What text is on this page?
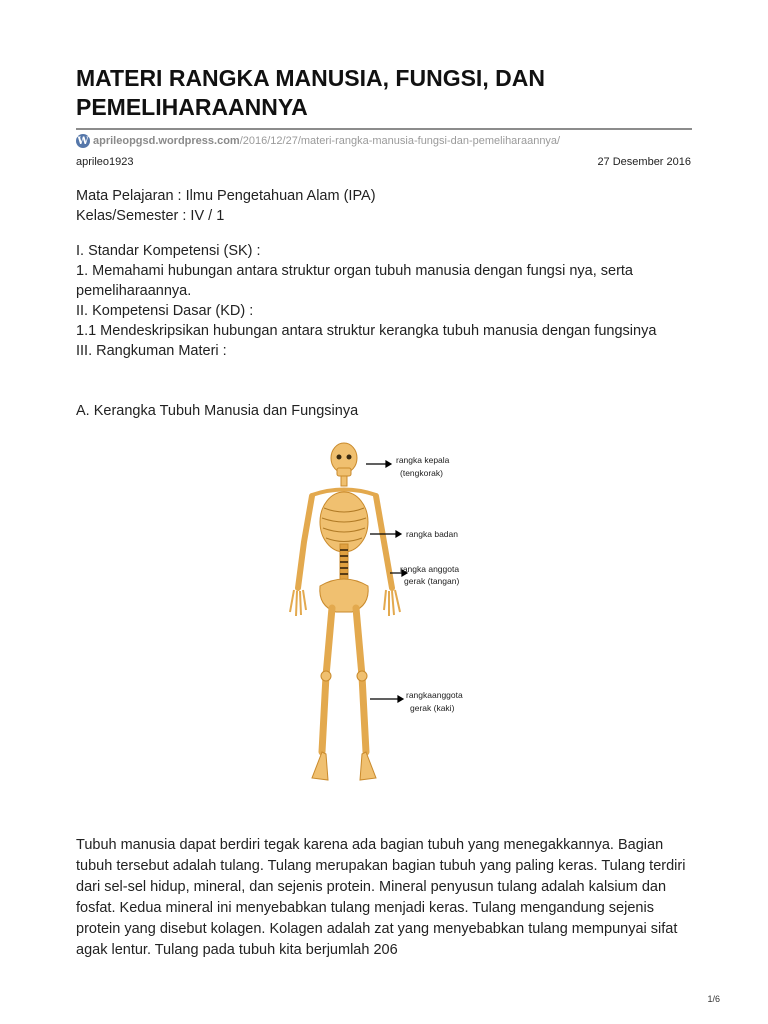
MATERI RANGKA MANUSIA, FUNGSI, DAN PEMELIHARAANNYA
W aprileopgsd.wordpress.com /2016/12/27/materi-rangka-manusia-fungsi-dan-pemeliharaannya/
aprileo1923	27 Desember 2016

Mata Pelajaran : Ilmu Pengetahuan Alam (IPA)

Kelas/Semester : IV / 1

I. Standar Kompetensi (SK) :

1. Memahami hubungan antara struktur organ tubuh manusia dengan fungsi nya, serta pemeliharaannya.

II. Kompetensi Dasar (KD) :

1.1 Mendeskripsikan hubungan antara struktur kerangka tubuh manusia dengan fungsinya

III. Rangkuman Materi :

A. Kerangka Tubuh Manusia dan Fungsinya
rangka kepala
(tengkorak)
rangka badan
rangka anggota
gerak (tangan)
rangkaanggota
gerak (kaki)
Tubuh manusia dapat berdiri tegak karena ada bagian tubuh yang menegakkannya. Bagian tubuh tersebut adalah tulang. Tulang merupakan bagian tubuh yang paling keras. Tulang terdiri dari sel-sel hidup, mineral, dan sejenis protein. Mineral penyusun tulang adalah kalsium dan fosfat. Kedua mineral ini menyebabkan tulang menjadi keras. Tulang mengandung sejenis protein yang disebut kolagen. Kolagen adalah zat yang menyebabkan tulang mempunyai sifat agak lentur. Tulang pada tubuh kita berjumlah 206
1/6
